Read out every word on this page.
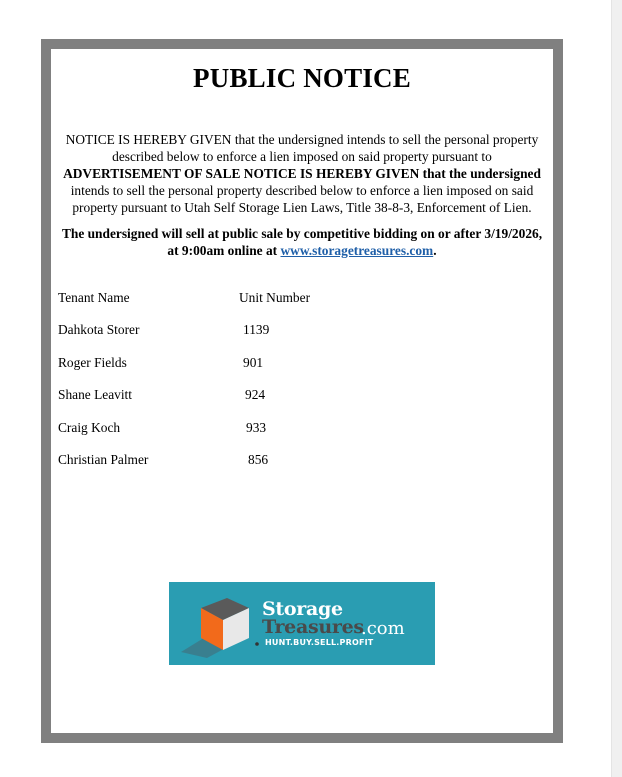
PUBLIC NOTICE
NOTICE IS HEREBY GIVEN that the undersigned intends to sell the personal property described below to enforce a lien imposed on said property pursuant to ADVERTISEMENT OF SALE NOTICE IS HEREBY GIVEN that the undersigned intends to sell the personal property described below to enforce a lien imposed on said property pursuant to Utah Self Storage Lien Laws, Title 38-8-3, Enforcement of Lien.
The undersigned will sell at public sale by competitive bidding on or after 3/19/2026, at 9:00am online at www.storagetreasures.com.
Tenant Name	Unit Number
Dahkota Storer	1139
Roger Fields	901
Shane Leavitt	924
Craig Koch	933
Christian Palmer	856
Storage
Treasures
.com
HUNT.BUY.SELL.PROFIT
